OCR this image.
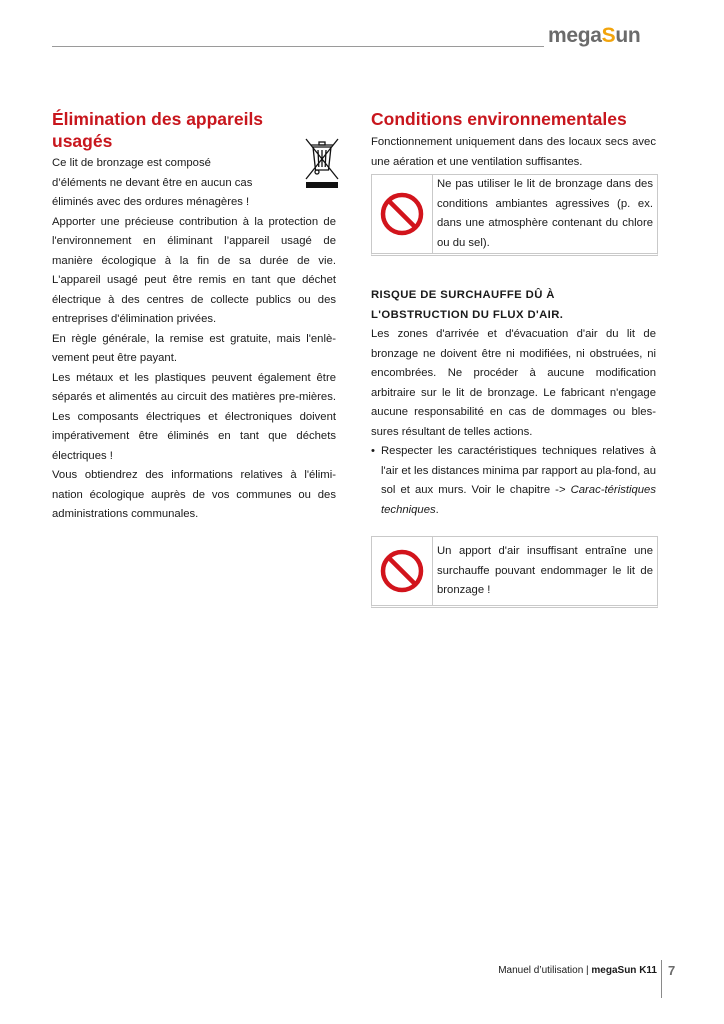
megaSun
Élimination des appareils usagés

Ce lit de bronzage est composé

d’éléments ne devant être en aucun cas

éliminés avec des ordures ménagères !

Apporter une précieuse contribution à la protection de l'environnement en éliminant l’appareil usagé de manière écologique à la fin de sa durée de vie. L'appareil usagé peut être remis en tant que déchet électrique à des centres de collecte publics ou des entreprises d'élimination privées.

En règle générale, la remise est gratuite, mais l'enlè-vement peut être payant.

Les métaux et les plastiques peuvent également être séparés et alimentés au circuit des matières pre-mières. Les composants électriques et électroniques doivent impérativement être éliminés en tant que déchets électriques !

Vous obtiendrez des informations relatives à l'élimi-nation écologique auprès de vos communes ou des administrations communales.

Conditions environnementales

Fonctionnement uniquement dans des locaux secs avec une aération et une ventilation suffisantes.

Ne pas utiliser le lit de bronzage dans des conditions ambiantes agressives (p. ex. dans une atmosphère contenant du chlore ou du sel).
RISQUE DE SURCHAUFFE DÛ À
L'OBSTRUCTION DU FLUX D'AIR.

Les zones d'arrivée et d'évacuation d'air du lit de bronzage ne doivent être ni modifiées, ni obstruées, ni encombrées. Ne procéder à aucune modification arbitraire sur le lit de bronzage. Le fabricant n'engage aucune responsabilité en cas de dommages ou bles-sures résultant de telles actions.

• Respecter les caractéristiques techniques relatives à l'air et les distances minima par rapport au pla-fond, au sol et aux murs. Voir le chapitre -> Carac-téristiques techniques.
Un apport d'air insuffisant entraîne une surchauffe pouvant endommager le lit de bronzage !
Manuel d’utilisation | megaSun K11 7
